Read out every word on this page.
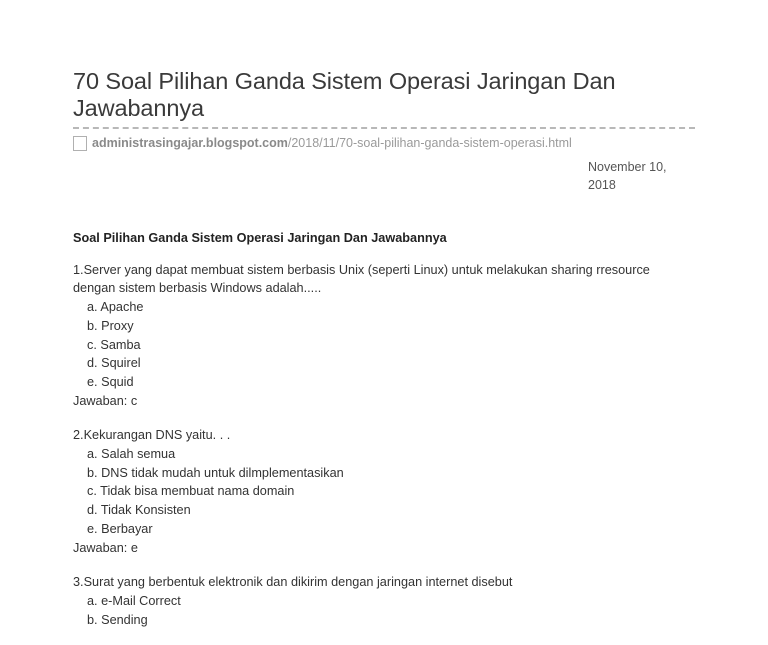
70 Soal Pilihan Ganda Sistem Operasi Jaringan Dan Jawabannya
administrasingajar.blogspot.com /2018/11/70-soal-pilihan-ganda-sistem-operasi.html
November 10, 2018

Soal Pilihan Ganda Sistem Operasi Jaringan Dan Jawabannya

1.Server yang dapat membuat sistem berbasis Unix (seperti Linux) untuk melakukan sharing rresource dengan sistem berbasis Windows adalah.....

a. Apache
b. Proxy
c. Samba
d. Squirel
e. Squid

Jawaban: c

2.Kekurangan DNS yaitu. . .

a. Salah semua
b. DNS tidak mudah untuk dilmplementasikan
c. Tidak bisa membuat nama domain
d. Tidak Konsisten
e. Berbayar

Jawaban: e

3.Surat yang berbentuk elektronik dan dikirim dengan jaringan internet disebut

a. e-Mail Correct
b. Sending
